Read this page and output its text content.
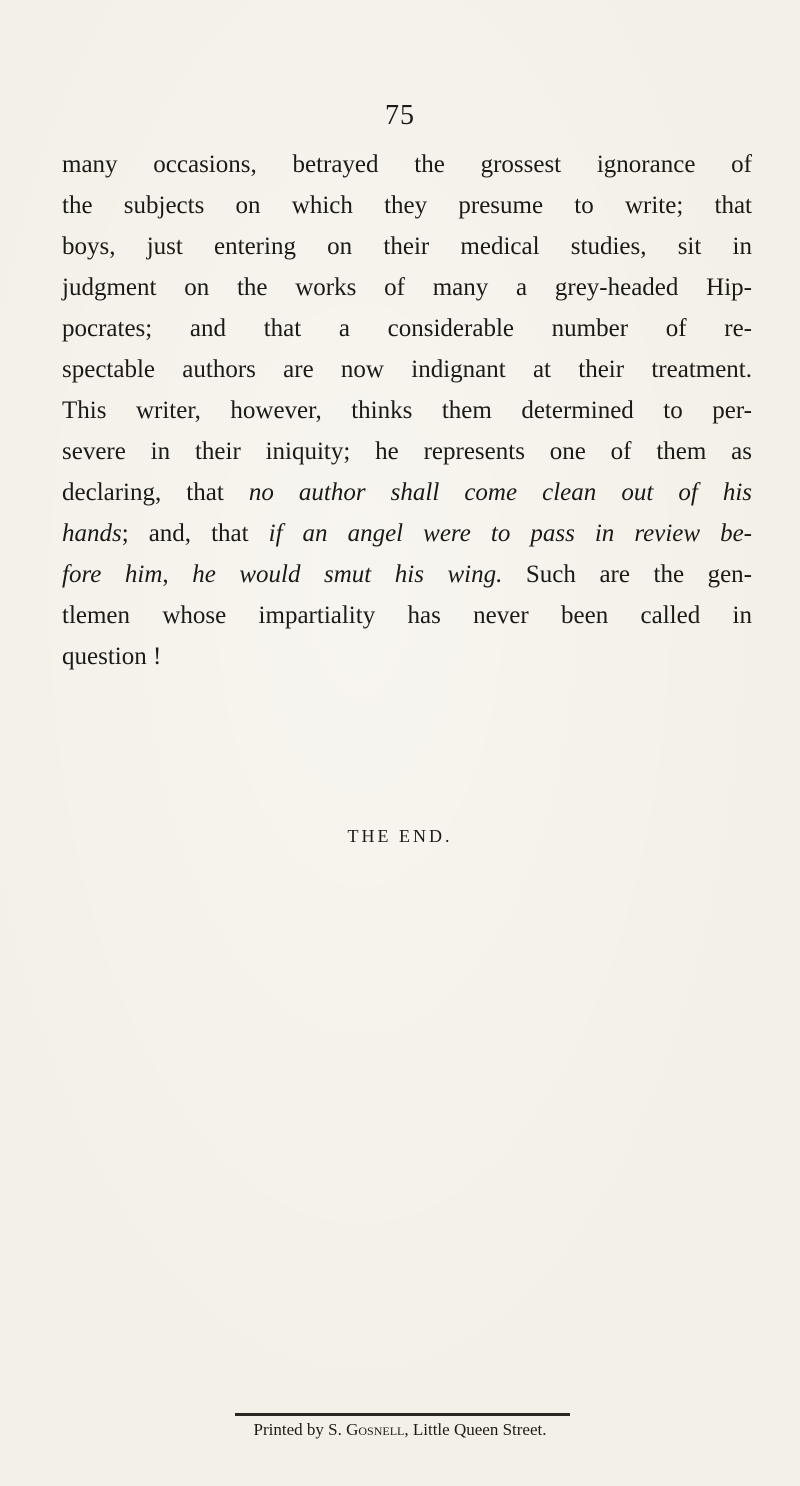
75
many occasions, betrayed the grossest ignorance of
the subjects on which they presume to write; that
boys, just entering on their medical studies, sit in
judgment on the works of many a grey-headed Hip-
pocrates; and that a considerable number of re-
spectable authors are now indignant at their treatment.
This writer, however, thinks them determined to per-
severe in their iniquity; he represents one of them as
declaring, that no author shall come clean out of his
hands; and, that if an angel were to pass in review be-
fore him, he would smut his wing. Such are the gen-
tlemen whose impartiality has never been called in
question !
THE END.
Printed by S. Gosnell, Little Queen Street.
